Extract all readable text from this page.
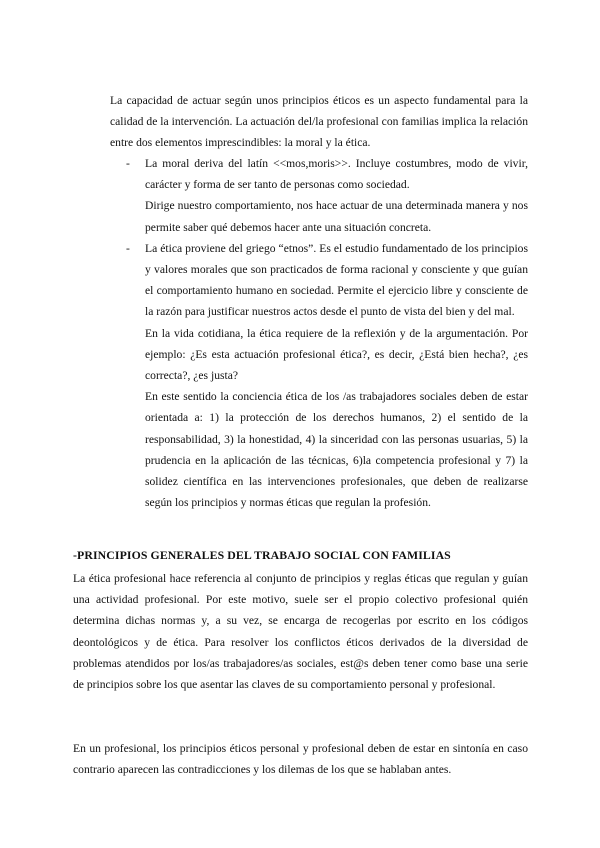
La capacidad de actuar según unos principios éticos es un aspecto fundamental para la calidad de la intervención. La actuación del/la profesional con familias implica la relación entre dos elementos imprescindibles: la moral y la ética.

- La moral deriva del latín <<mos,moris>>. Incluye costumbres, modo de vivir, carácter y forma de ser tanto de personas como sociedad.

Dirige nuestro comportamiento, nos hace actuar de una determinada manera y nos permite saber qué debemos hacer ante una situación concreta.

- La ética proviene del griego “etnos”. Es el estudio fundamentado de los principios y valores morales que son practicados de forma racional y consciente y que guían el comportamiento humano en sociedad. Permite el ejercicio libre y consciente de la razón para justificar nuestros actos desde el punto de vista del bien y del mal.

En la vida cotidiana, la ética requiere de la reflexión y de la argumentación. Por ejemplo: ¿Es esta actuación profesional ética?, es decir, ¿Está bien hecha?, ¿es correcta?, ¿es justa?

En este sentido la conciencia ética de los /as trabajadores sociales deben de estar orientada a: 1) la protección de los derechos humanos, 2) el sentido de la responsabilidad, 3) la honestidad, 4) la sinceridad con las personas usuarias, 5) la prudencia en la aplicación de las técnicas, 6)la competencia profesional y 7) la solidez científica en las intervenciones profesionales, que deben de realizarse según los principios y normas éticas que regulan la profesión.

-PRINCIPIOS GENERALES DEL TRABAJO SOCIAL CON FAMILIAS

La ética profesional hace referencia al conjunto de principios y reglas éticas que regulan y guían una actividad profesional. Por este motivo, suele ser el propio colectivo profesional quién determina dichas normas y, a su vez, se encarga de recogerlas por escrito en los códigos deontológicos y de ética. Para resolver los conflictos éticos derivados de la diversidad de problemas atendidos por los/as trabajadores/as sociales, est@s deben tener como base una serie de principios sobre los que asentar las claves de su comportamiento personal y profesional.

En un profesional, los principios éticos personal y profesional deben de estar en sintonía en caso contrario aparecen las contradicciones y los dilemas de los que se hablaban antes.
